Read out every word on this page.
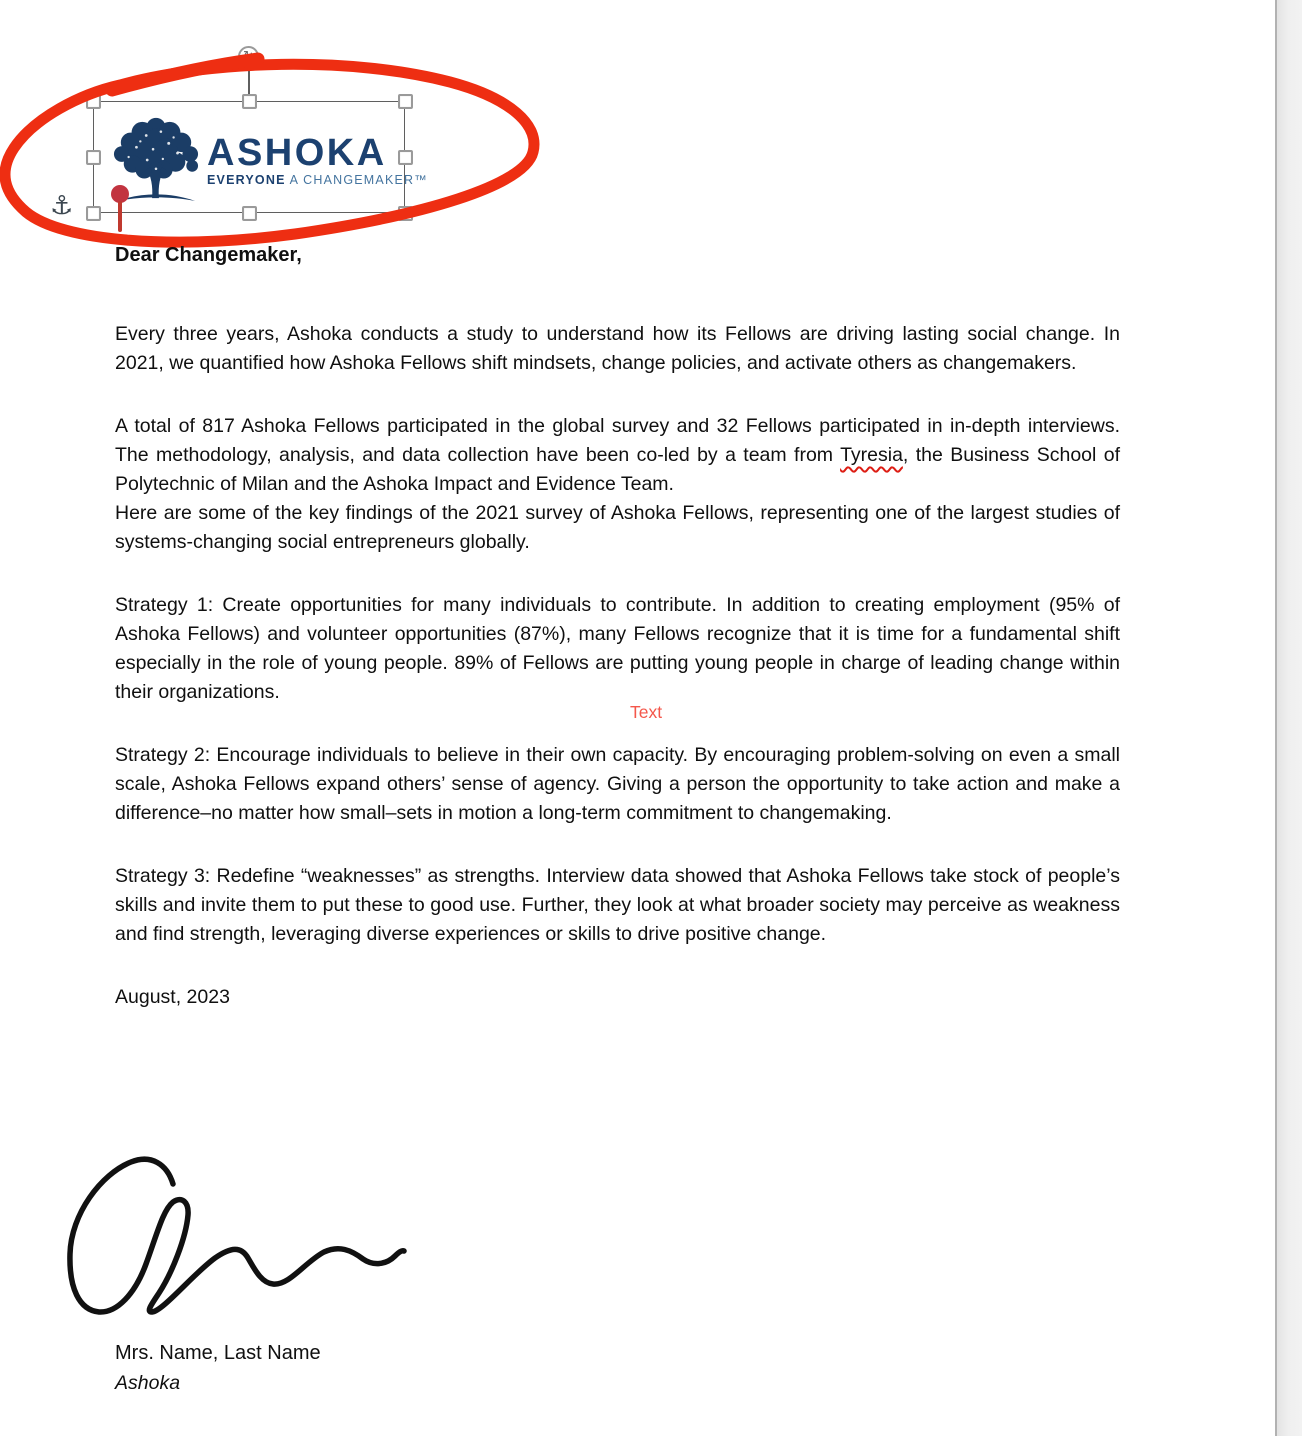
ASHOKA
EVERYONE A CHANGEMAKER™
↻
⚓
Text
Dear Changemaker,

Every three years, Ashoka conducts a study to understand how its Fellows are driving lasting social change. In 2021, we quantified how Ashoka Fellows shift mindsets, change policies, and activate others as changemakers.

A total of 817 Ashoka Fellows participated in the global survey and 32 Fellows participated in in-depth interviews. The methodology, analysis, and data collection have been co-led by a team from Tyresia, the Business School of Polytechnic of Milan and the Ashoka Impact and Evidence Team.

Here are some of the key findings of the 2021 survey of Ashoka Fellows, representing one of the largest studies of systems-changing social entrepreneurs globally.

Strategy 1: Create opportunities for many individuals to contribute. In addition to creating employment (95% of Ashoka Fellows) and volunteer opportunities (87%), many Fellows recognize that it is time for a fundamental shift especially in the role of young people. 89% of Fellows are putting young people in charge of leading change within their organizations.

Strategy 2: Encourage individuals to believe in their own capacity. By encouraging problem-solving on even a small scale, Ashoka Fellows expand others’ sense of agency. Giving a person the opportunity to take action and make a difference–no matter how small–sets in motion a long-term commitment to changemaking.

Strategy 3: Redefine “weaknesses” as strengths. Interview data showed that Ashoka Fellows take stock of people’s skills and invite them to put these to good use. Further, they look at what broader society may perceive as weakness and find strength, leveraging diverse experiences or skills to drive positive change.

August, 2023

Mrs. Name, Last Name
Ashoka
